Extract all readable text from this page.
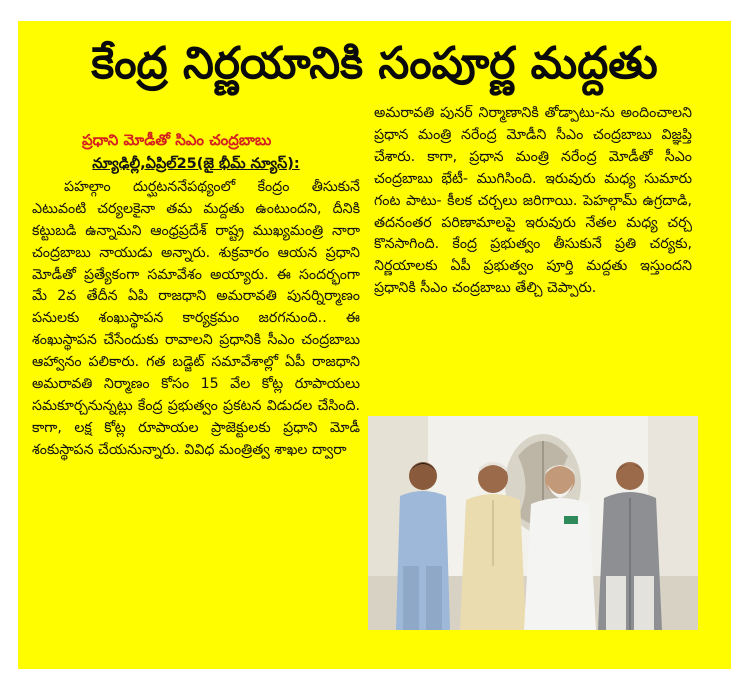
కేంద్ర నిర్ణయానికి సంపూర్ణ మద్దతు
ప్రధాని మోడీతో సిఎం చంద్రబాబు
న్యూఢిల్లీ,ఏప్రిల్25(జై భీమ్ న్యూస్):
పహల్గాం దుర్ఘటననేపథ్యంలో కేంద్రం తీసుకునే ఎటువంటి చర్యలకైనా తమ మద్దతు ఉంటుందని, దీనికి కట్టుబడి ఉన్నామని ఆంధ్రప్రదేశ్ రాష్ట్ర ముఖ్యమంత్రి నారా చంద్రబాబు నాయుడు అన్నారు. శుక్రవారం ఆయన ప్రధాని మోడీతో ప్రత్యేకంగా సమావేశం అయ్యారు. ఈ సందర్భంగా మే 2వ తేదీన ఏపి రాజధాని అమరావతి పునర్నిర్మాణం పనులకు శంఖుస్థాపన కార్యక్రమం జరగనుంది.. ఈ శంఖుస్థాపన చేసేందుకు రావాలని ప్రధానికి సీఎం చంద్రబాబు ఆహ్వానం పలికారు. గత బడ్జెట్ సమావేశాల్లో ఏపీ రాజధాని అమరావతి నిర్మాణం కోసం 15 వేల కోట్ల రూపాయలు సమకూర్చనున్నట్లు కేంద్ర ప్రభుత్వం ప్రకటన విడుదల చేసింది. కాగా, లక్ష కోట్ల రూపాయల ప్రాజెక్టులకు ప్రధాని మోడీ శంకుస్థాపన చేయనున్నారు. వివిధ మంత్రిత్వ శాఖల ద్వారా
అమరావతి పునర్ నిర్మాణానికి తోడ్పాటు-ను అందించాలని ప్రధాన మంత్రి నరేంద్ర మోడీని సీఎం చంద్రబాబు విజ్ఞప్తి చేశారు. కాగా, ప్రధాన మంత్రి నరేంద్ర మోడీతో సీఎం చంద్రబాబు భేటీ- ముగిసింది. ఇరువురు మధ్య సుమారు గంట పాటు- కీలక చర్చలు జరిగాయి. పెహల్గామ్ ఉగ్రదాడి, తదనంతర పరిణామాలపై ఇరువురు నేతల మధ్య చర్చ కొనసాగింది. కేంద్ర ప్రభుత్వం తీసుకునే ప్రతి చర్యకు, నిర్ణయాలకు ఏపీ ప్రభుత్వం పూర్తి మద్దతు ఇస్తుందని ప్రధానికి సీఎం చంద్రబాబు తేల్చి చెప్పారు.
